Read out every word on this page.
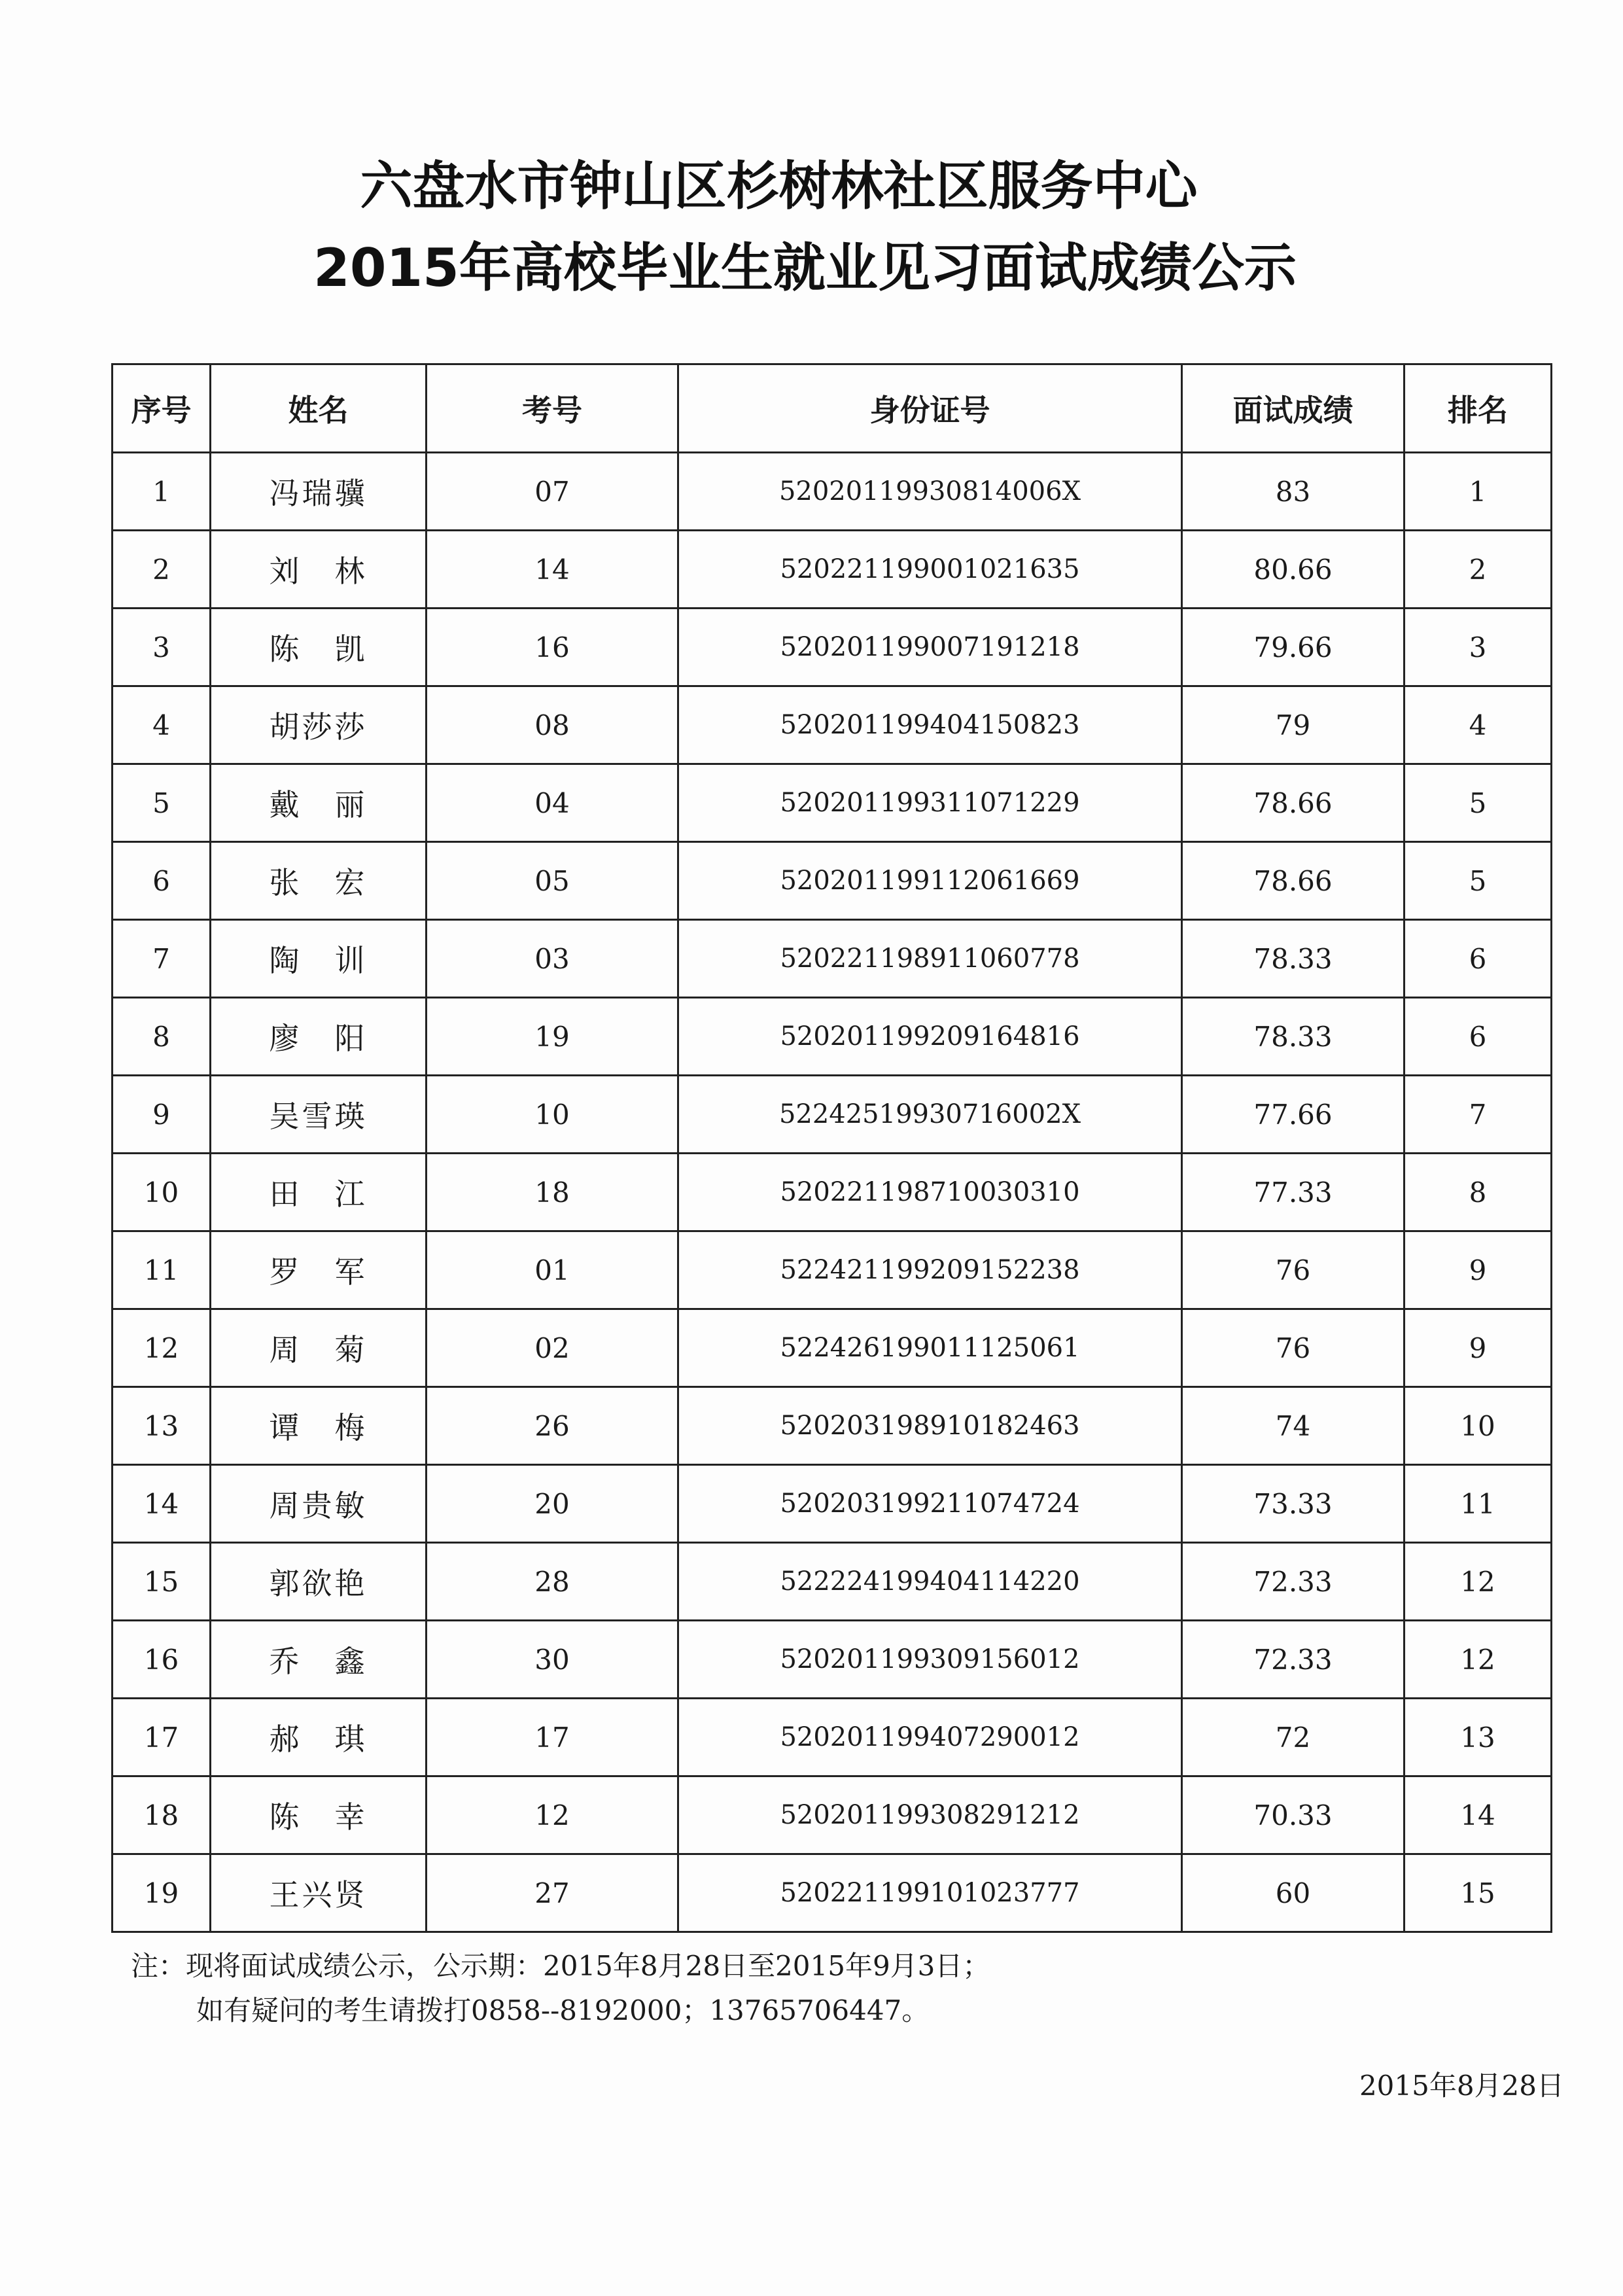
六盘水市钟山区杉树林社区服务中心
2015年高校毕业生就业见习面试成绩公示
序号	姓名	考号	身份证号	面试成绩	排名
1	冯瑞骥	07	52020119930814006X	83	1
2	刘　林	14	520221199001021635	80.66	2
3	陈　凯	16	520201199007191218	79.66	3
4	胡莎莎	08	520201199404150823	79	4
5	戴　丽	04	520201199311071229	78.66	5
6	张　宏	05	520201199112061669	78.66	5
7	陶　训	03	520221198911060778	78.33	6
8	廖　阳	19	520201199209164816	78.33	6
9	吴雪瑛	10	52242519930716002X	77.66	7
10	田　江	18	520221198710030310	77.33	8
11	罗　军	01	522421199209152238	76	9
12	周　菊	02	522426199011125061	76	9
13	谭　梅	26	520203198910182463	74	10
14	周贵敏	20	520203199211074724	73.33	11
15	郭欲艳	28	522224199404114220	72.33	12
16	乔　鑫	30	520201199309156012	72.33	12
17	郝　琪	17	520201199407290012	72	13
18	陈　幸	12	520201199308291212	70.33	14
19	王兴贤	27	520221199101023777	60	15

注：现将面试成绩公示，公示期：2015年8月28日至2015年9月3日；

如有疑问的考生请拨打0858--8192000；13765706447。

2015年8月28日
